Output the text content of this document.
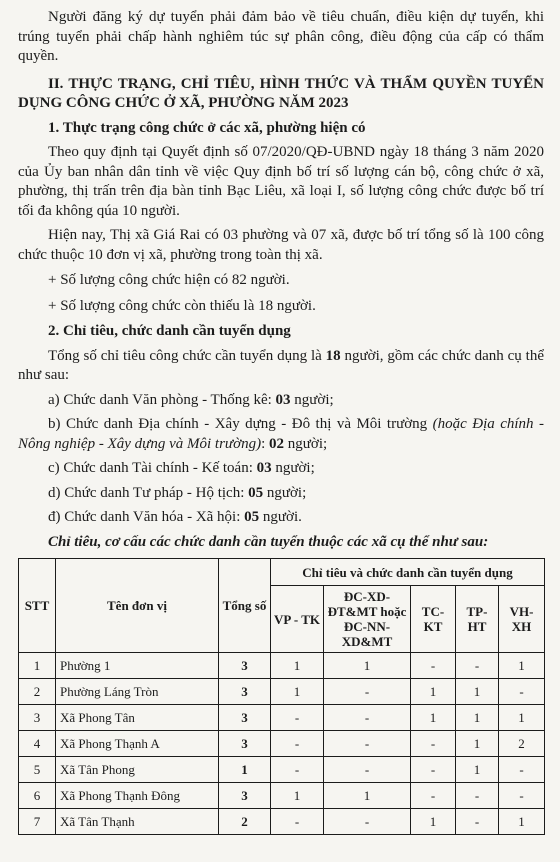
Người đăng ký dự tuyển phải đảm bảo về tiêu chuẩn, điều kiện dự tuyển, khi trúng tuyển phải chấp hành nghiêm túc sự phân công, điều động của cấp có thẩm quyền.

II. THỰC TRẠNG, CHỈ TIÊU, HÌNH THỨC VÀ THẨM QUYỀN TUYỂN DỤNG CÔNG CHỨC Ở XÃ, PHƯỜNG NĂM 2023

1. Thực trạng công chức ở các xã, phường hiện có

Theo quy định tại Quyết định số 07/2020/QĐ-UBND ngày 18 tháng 3 năm 2020 của Ủy ban nhân dân tỉnh về việc Quy định bố trí số lượng cán bộ, công chức ở xã, phường, thị trấn trên địa bàn tỉnh Bạc Liêu, xã loại I, số lượng công chức được bố trí tối đa không qúa 10 người.

Hiện nay, Thị xã Giá Rai có 03 phường và 07 xã, được bố trí tổng số là 100 công chức thuộc 10 đơn vị xã, phường trong toàn thị xã.

+ Số lượng công chức hiện có 82 người.

+ Số lượng công chức còn thiếu là 18 người.

2. Chỉ tiêu, chức danh cần tuyển dụng

Tổng số chỉ tiêu công chức cần tuyển dụng là 18 người, gồm các chức danh cụ thể như sau:

a) Chức danh Văn phòng - Thống kê: 03 người;

b) Chức danh Địa chính - Xây dựng - Đô thị và Môi trường (hoặc Địa chính - Nông nghiệp - Xây dựng và Môi trường): 02 người;

c) Chức danh Tài chính - Kế toán: 03 người;

d) Chức danh Tư pháp - Hộ tịch: 05 người;

đ) Chức danh Văn hóa - Xã hội: 05 người.

Chỉ tiêu, cơ cấu các chức danh cần tuyển thuộc các xã cụ thể như sau:

STT	Tên đơn vị	Tổng số	Chỉ tiêu và chức danh cần tuyển dụng				
			VP - TK	ĐC-XD-ĐT&MT hoặc ĐC-NN-XD&MT	TC-KT	TP-HT	VH-XH
1	Phường 1	3	1	1	-	-	1
2	Phường Láng Tròn	3	1	-	1	1	-
3	Xã Phong Tân	3	-	-	1	1	1
4	Xã Phong Thạnh A	3	-	-	-	1	2
5	Xã Tân Phong	1	-	-	-	1	-
6	Xã Phong Thạnh Đông	3	1	1	-	-	-
7	Xã Tân Thạnh	2	-	-	1	-	1
